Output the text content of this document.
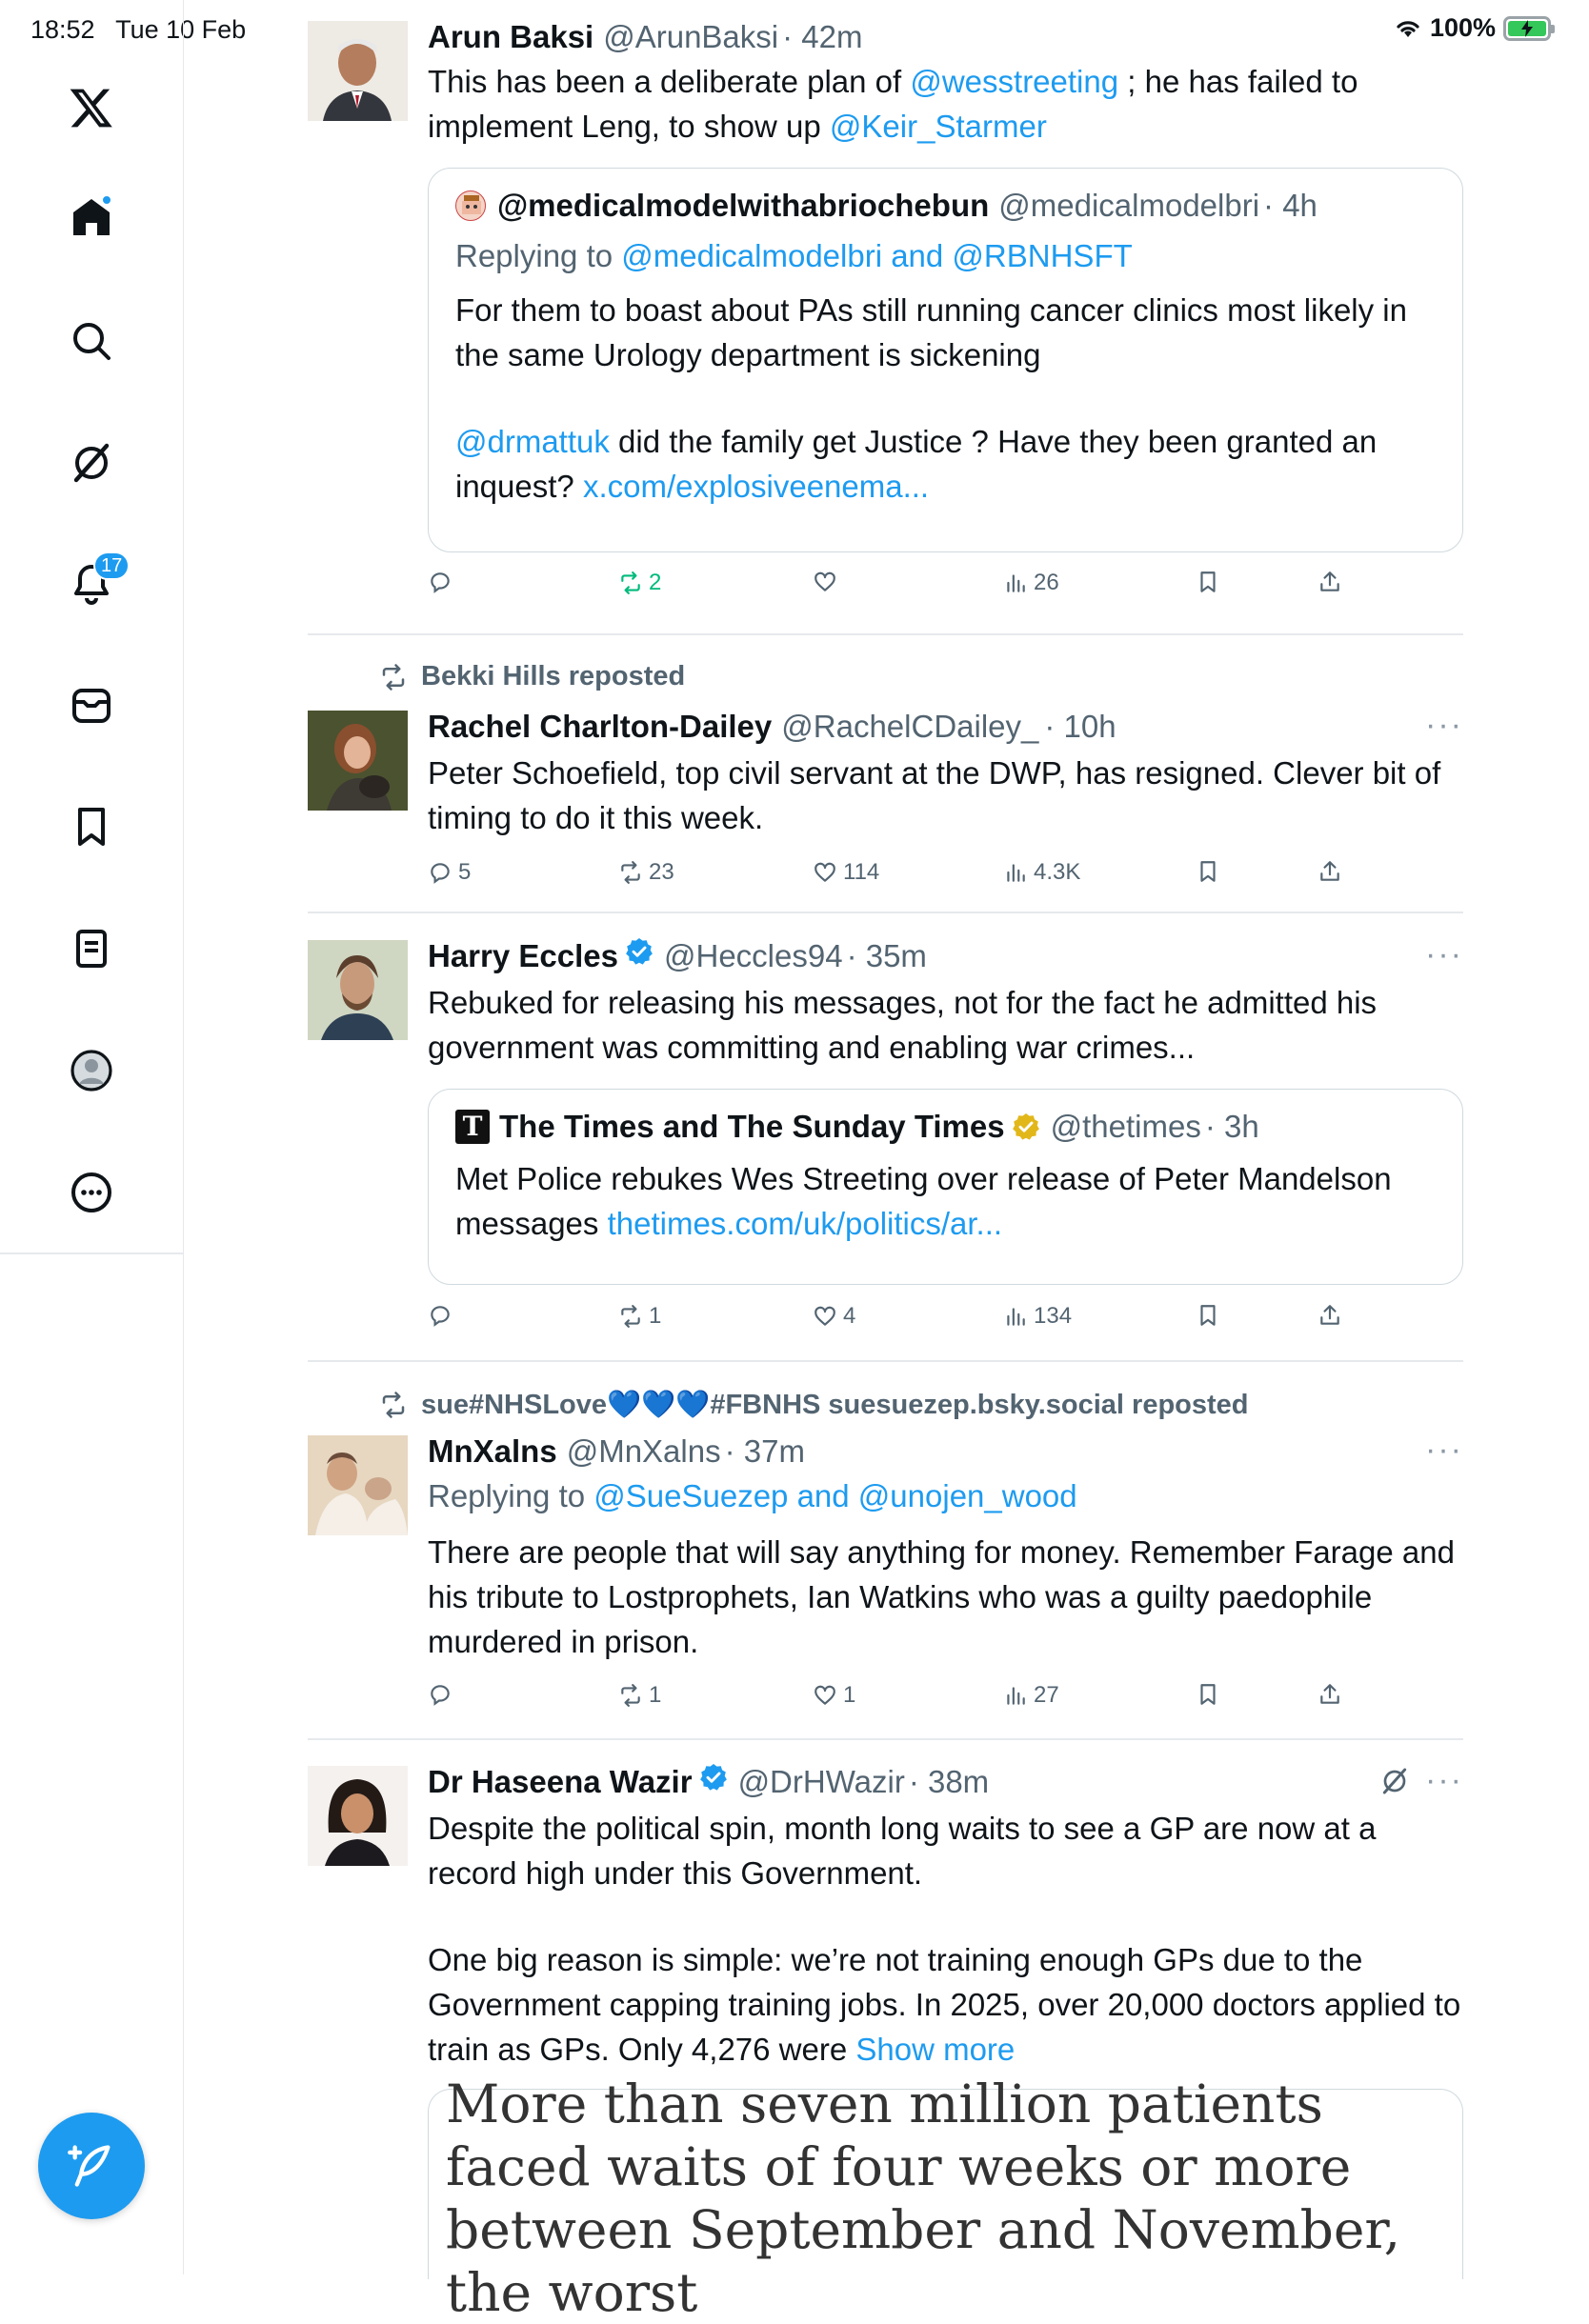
18:52 Tue 10 Feb	100%
17
Arun Baksi @ArunBaksi · 42m
This has been a deliberate plan of @wesstreeting ; he has failed to implement Leng, to show up @Keir_Starmer
@medicalmodelwithabriochebun @medicalmodelbri · 4h
Replying to @medicalmodelbri and @RBNHSFT
For them to boast about PAs still running cancer clinics most likely in the same Urology department is sickening
@drmattuk did the family get Justice ? Have they been granted an inquest? x.com/explosiveenema...
2	26
Bekki Hills reposted
Rachel Charlton-Dailey @RachelCDailey_ · 10h
Peter Schoefield, top civil servant at the DWP, has resigned. Clever bit of timing to do it this week.
···
5	23	114	4.3K
Harry Eccles @Heccles94 · 35m
Rebuked for releasing his messages, not for the fact he admitted his government was committing and enabling war crimes...
···
T The Times and The Sunday Times @thetimes · 3h
Met Police rebukes Wes Streeting over release of Peter Mandelson messages thetimes.com/uk/politics/ar...
1	4	134
sue#NHSLove💙💙💙#FBNHS suesuezep.bsky.social reposted
MnXalns @MnXalns · 37m
Replying to @SueSuezep and @unojen_wood
There are people that will say anything for money. Remember Farage and his tribute to Lostprophets, Ian Watkins who was a guilty paedophile murdered in prison.
···
1	1	27
Dr Haseena Wazir @DrHWazir · 38m
Despite the political spin, month long waits to see a GP are now at a record high under this Government.
One big reason is simple: we’re not training enough GPs due to the Government capping training jobs. In 2025, over 20,000 doctors applied to train as GPs. Only 4,276 were Show more
···
More than seven million patients faced waits of four weeks or more between September and November, the worst
